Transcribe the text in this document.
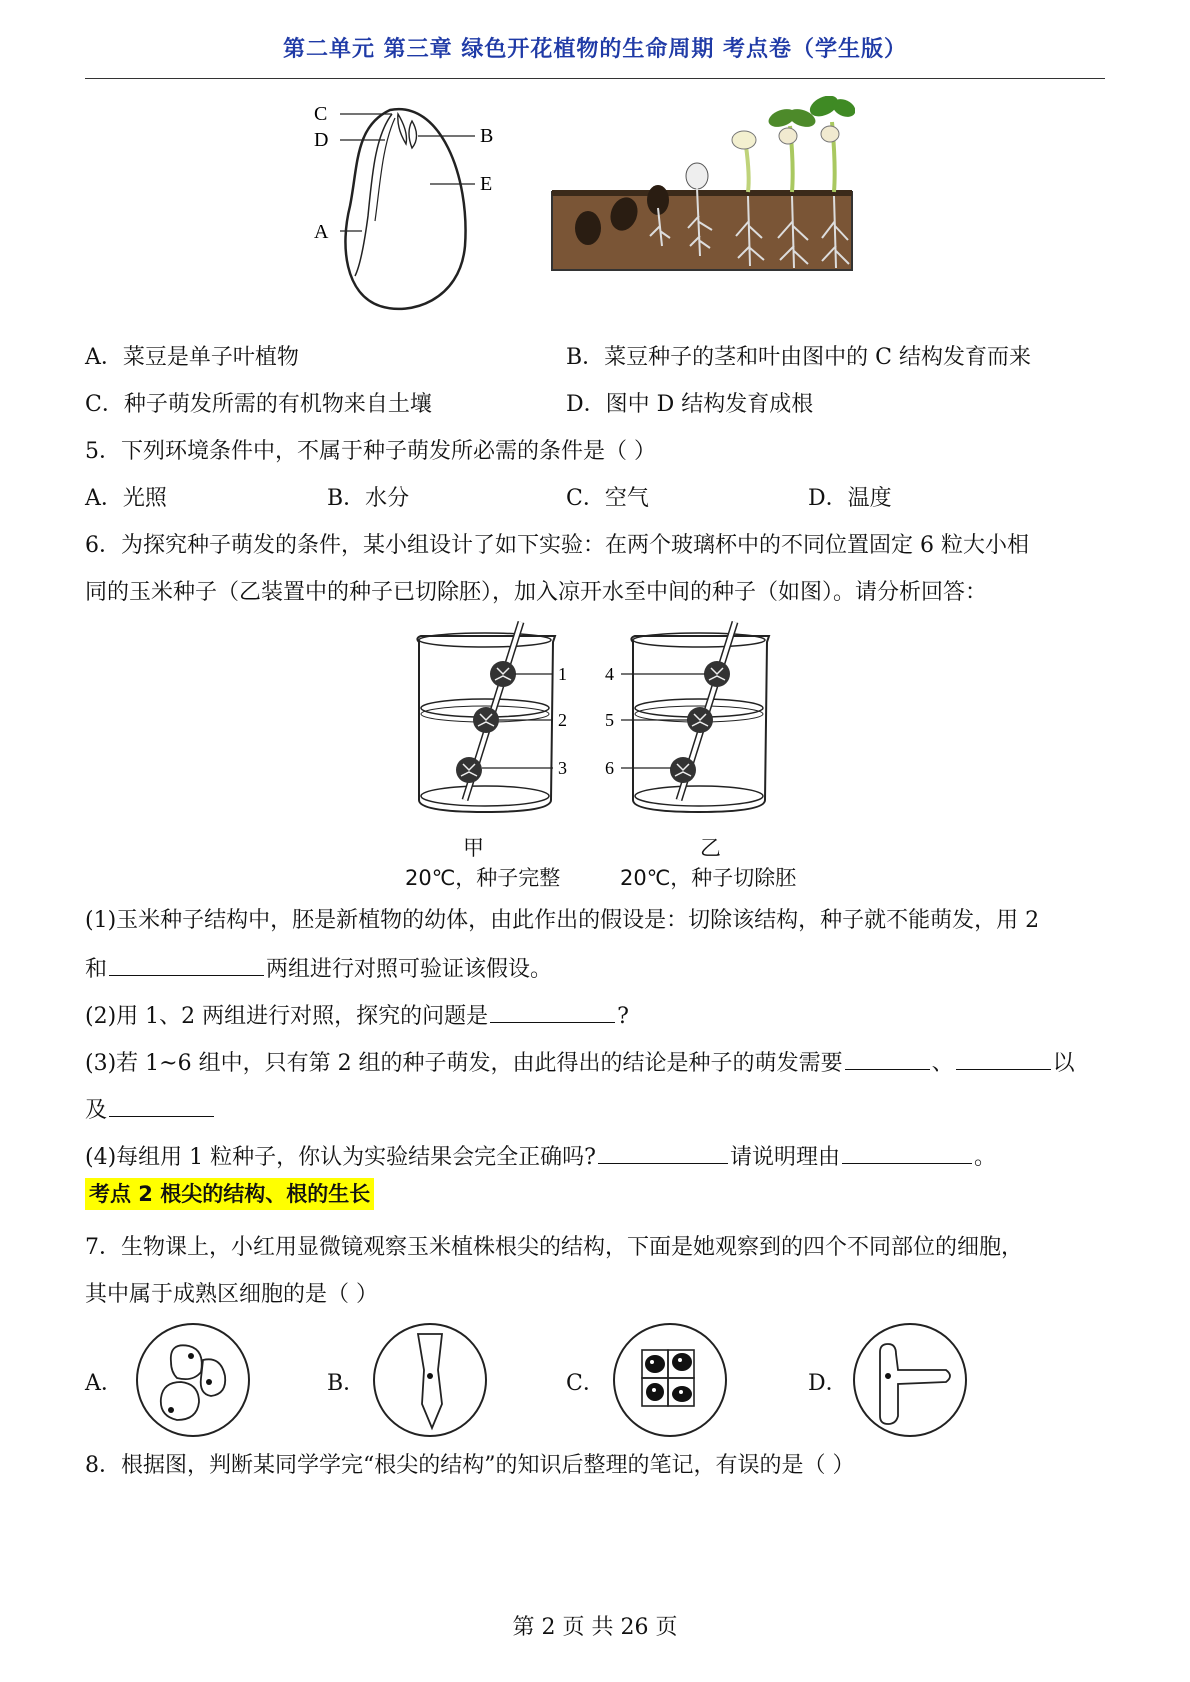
第二单元 第三章 绿色开花植物的生命周期 考点卷（学生版）
C
D	B
E
A
A．菜豆是单子叶植物	B．菜豆种子的茎和叶由图中的 C 结构发育而来
C．种子萌发所需的有机物来自土壤	D．图中 D 结构发育成根
5．下列环境条件中，不属于种子萌发所必需的条件是（ ）
A．光照	B．水分	C．空气	D．温度
6．为探究种子萌发的条件，某小组设计了如下实验：在两个玻璃杯中的不同位置固定 6 粒大小相
同的玉米种子（乙装置中的种子已切除胚），加入凉开水至中间的种子（如图）。请分析回答：
1
2
3
4
5
6
甲	乙
20℃，种子完整	20℃，种子切除胚
(1)玉米种子结构中，胚是新植物的幼体，由此作出的假设是：切除该结构，种子就不能萌发，用 2
和	两组进行对照可验证该假设。
(2)用 1、2 两组进行对照，探究的问题是	?
(3)若 1~6 组中，只有第 2 组的种子萌发，由此得出的结论是种子的萌发需要	、	以
及
(4)每组用 1 粒种子，你认为实验结果会完全正确吗?	请说明理由	。
考点 2 根尖的结构、根的生长
7．生物课上，小红用显微镜观察玉米植株根尖的结构，下面是她观察到的四个不同部位的细胞，
其中属于成熟区细胞的是（ ）
A．	B．	C．	D．
8．根据图，判断某同学学完“根尖的结构”的知识后整理的笔记，有误的是（ ）
第 2 页 共 26 页
